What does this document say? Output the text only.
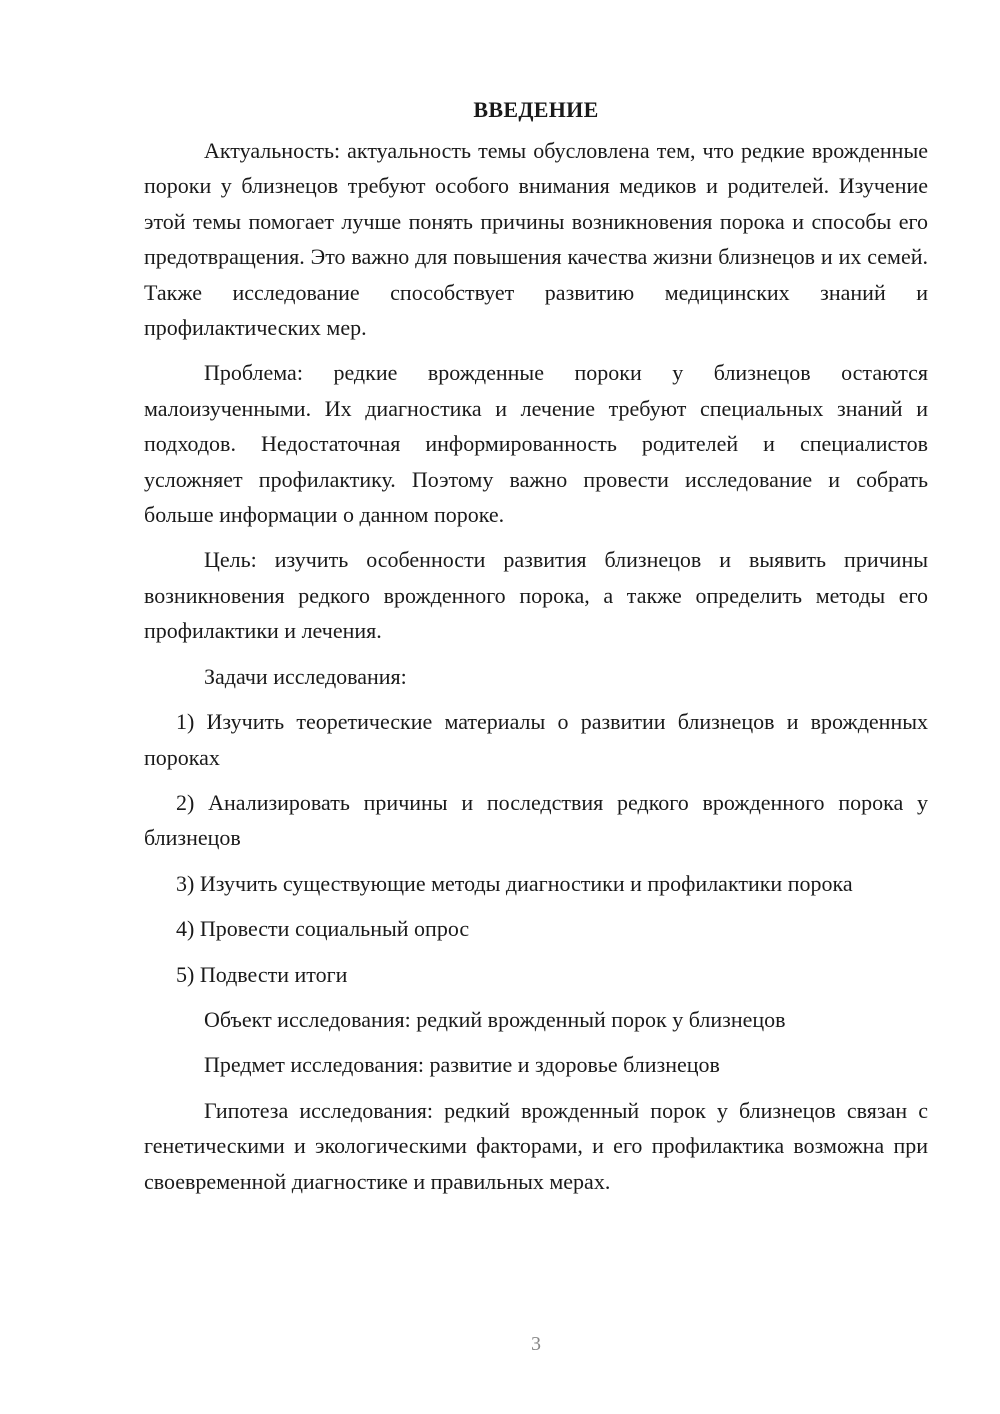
ВВЕДЕНИЕ

Актуальность: актуальность темы обусловлена тем, что редкие врожденные пороки у близнецов требуют особого внимания медиков и родителей. Изучение этой темы помогает лучше понять причины возникновения порока и способы его предотвращения. Это важно для повышения качества жизни близнецов и их семей. Также исследование способствует развитию медицинских знаний и профилактических мер.

Проблема: редкие врожденные пороки у близнецов остаются малоизученными. Их диагностика и лечение требуют специальных знаний и подходов. Недостаточная информированность родителей и специалистов усложняет профилактику. Поэтому важно провести исследование и собрать больше информации о данном пороке.

Цель: изучить особенности развития близнецов и выявить причины возникновения редкого врожденного порока, а также определить методы его профилактики и лечения.

Задачи исследования:

1) Изучить теоретические материалы о развитии близнецов и врожденных пороках

2) Анализировать причины и последствия редкого врожденного порока у близнецов

3) Изучить существующие методы диагностики и профилактики порока

4) Провести социальный опрос

5) Подвести итоги

Объект исследования: редкий врожденный порок у близнецов

Предмет исследования: развитие и здоровье близнецов

Гипотеза исследования: редкий врожденный порок у близнецов связан с генетическими и экологическими факторами, и его профилактика возможна при своевременной диагностике и правильных мерах.

3
